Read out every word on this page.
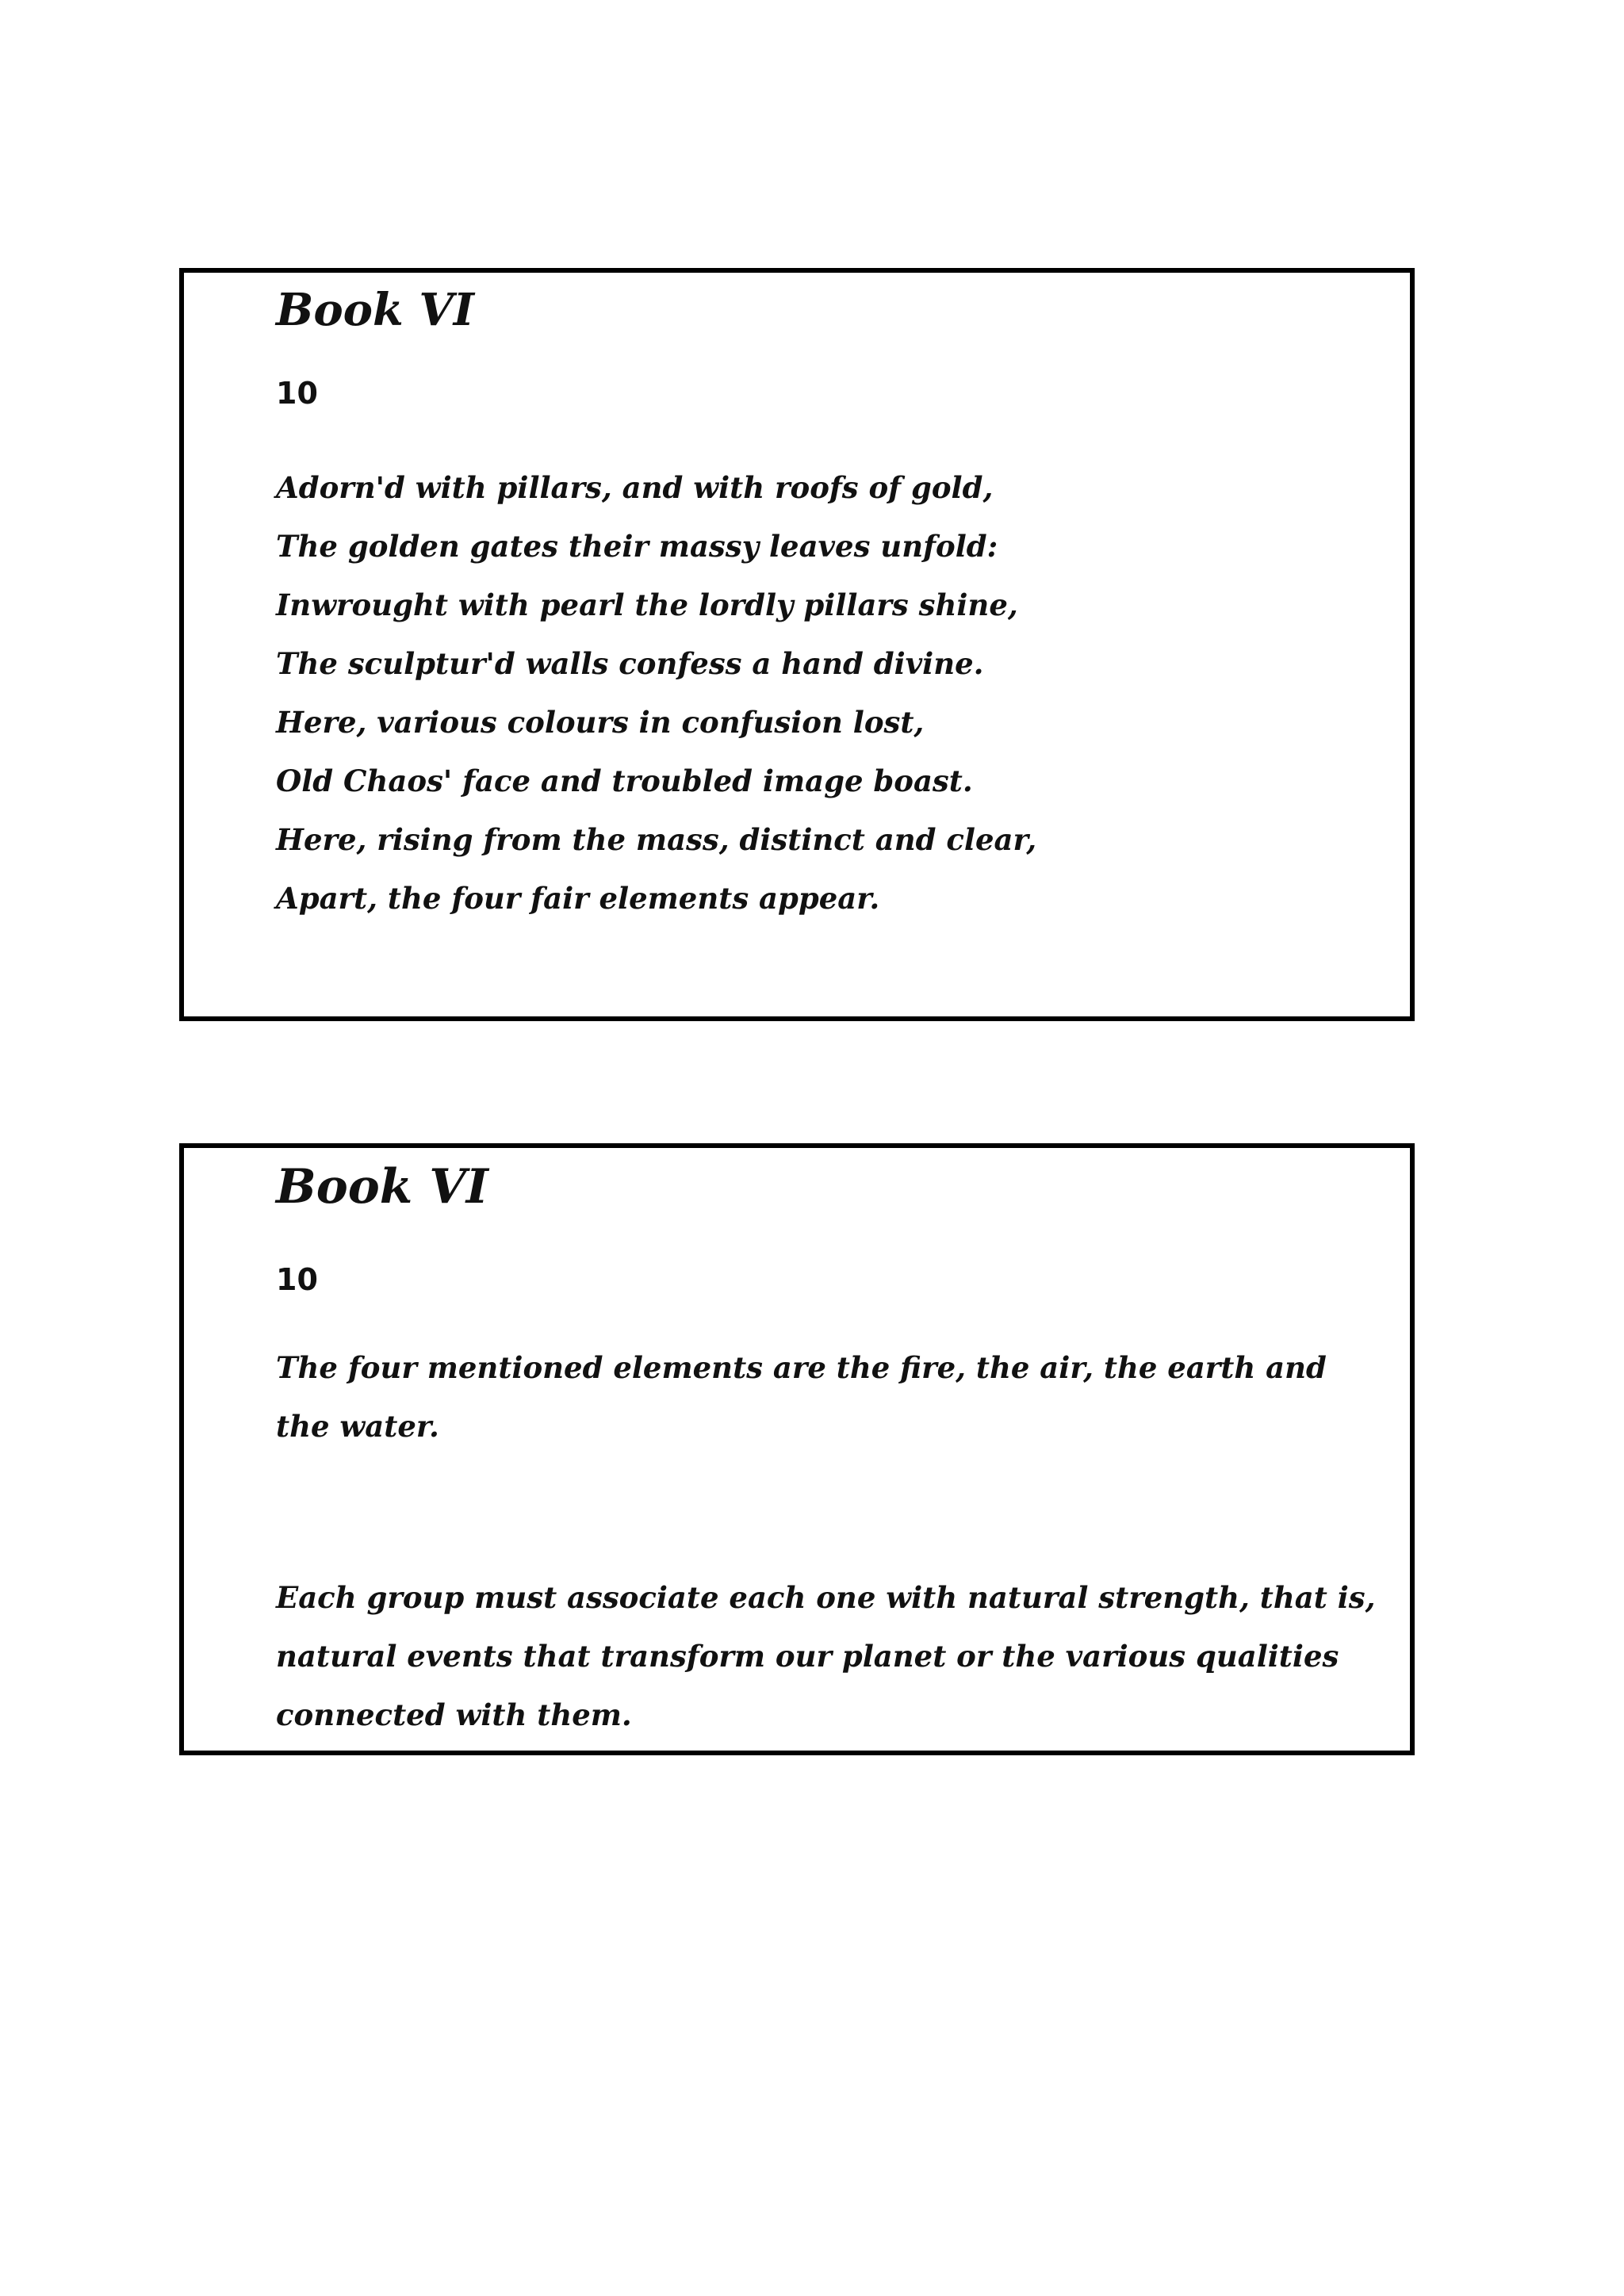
Book VI
10
Adorn'd with pillars, and with roofs of gold,
The golden gates their massy leaves unfold:
Inwrought with pearl the lordly pillars shine,
The sculptur'd walls confess a hand divine.
Here, various colours in confusion lost,
Old Chaos' face and troubled image boast.
Here, rising from the mass, distinct and clear,
Apart, the four fair elements appear.
Book VI
10

The four mentioned elements are the fire, the air, the earth and the water.

Each group must associate each one with natural strength, that is, natural events that transform our planet or the various qualities connected with them.
